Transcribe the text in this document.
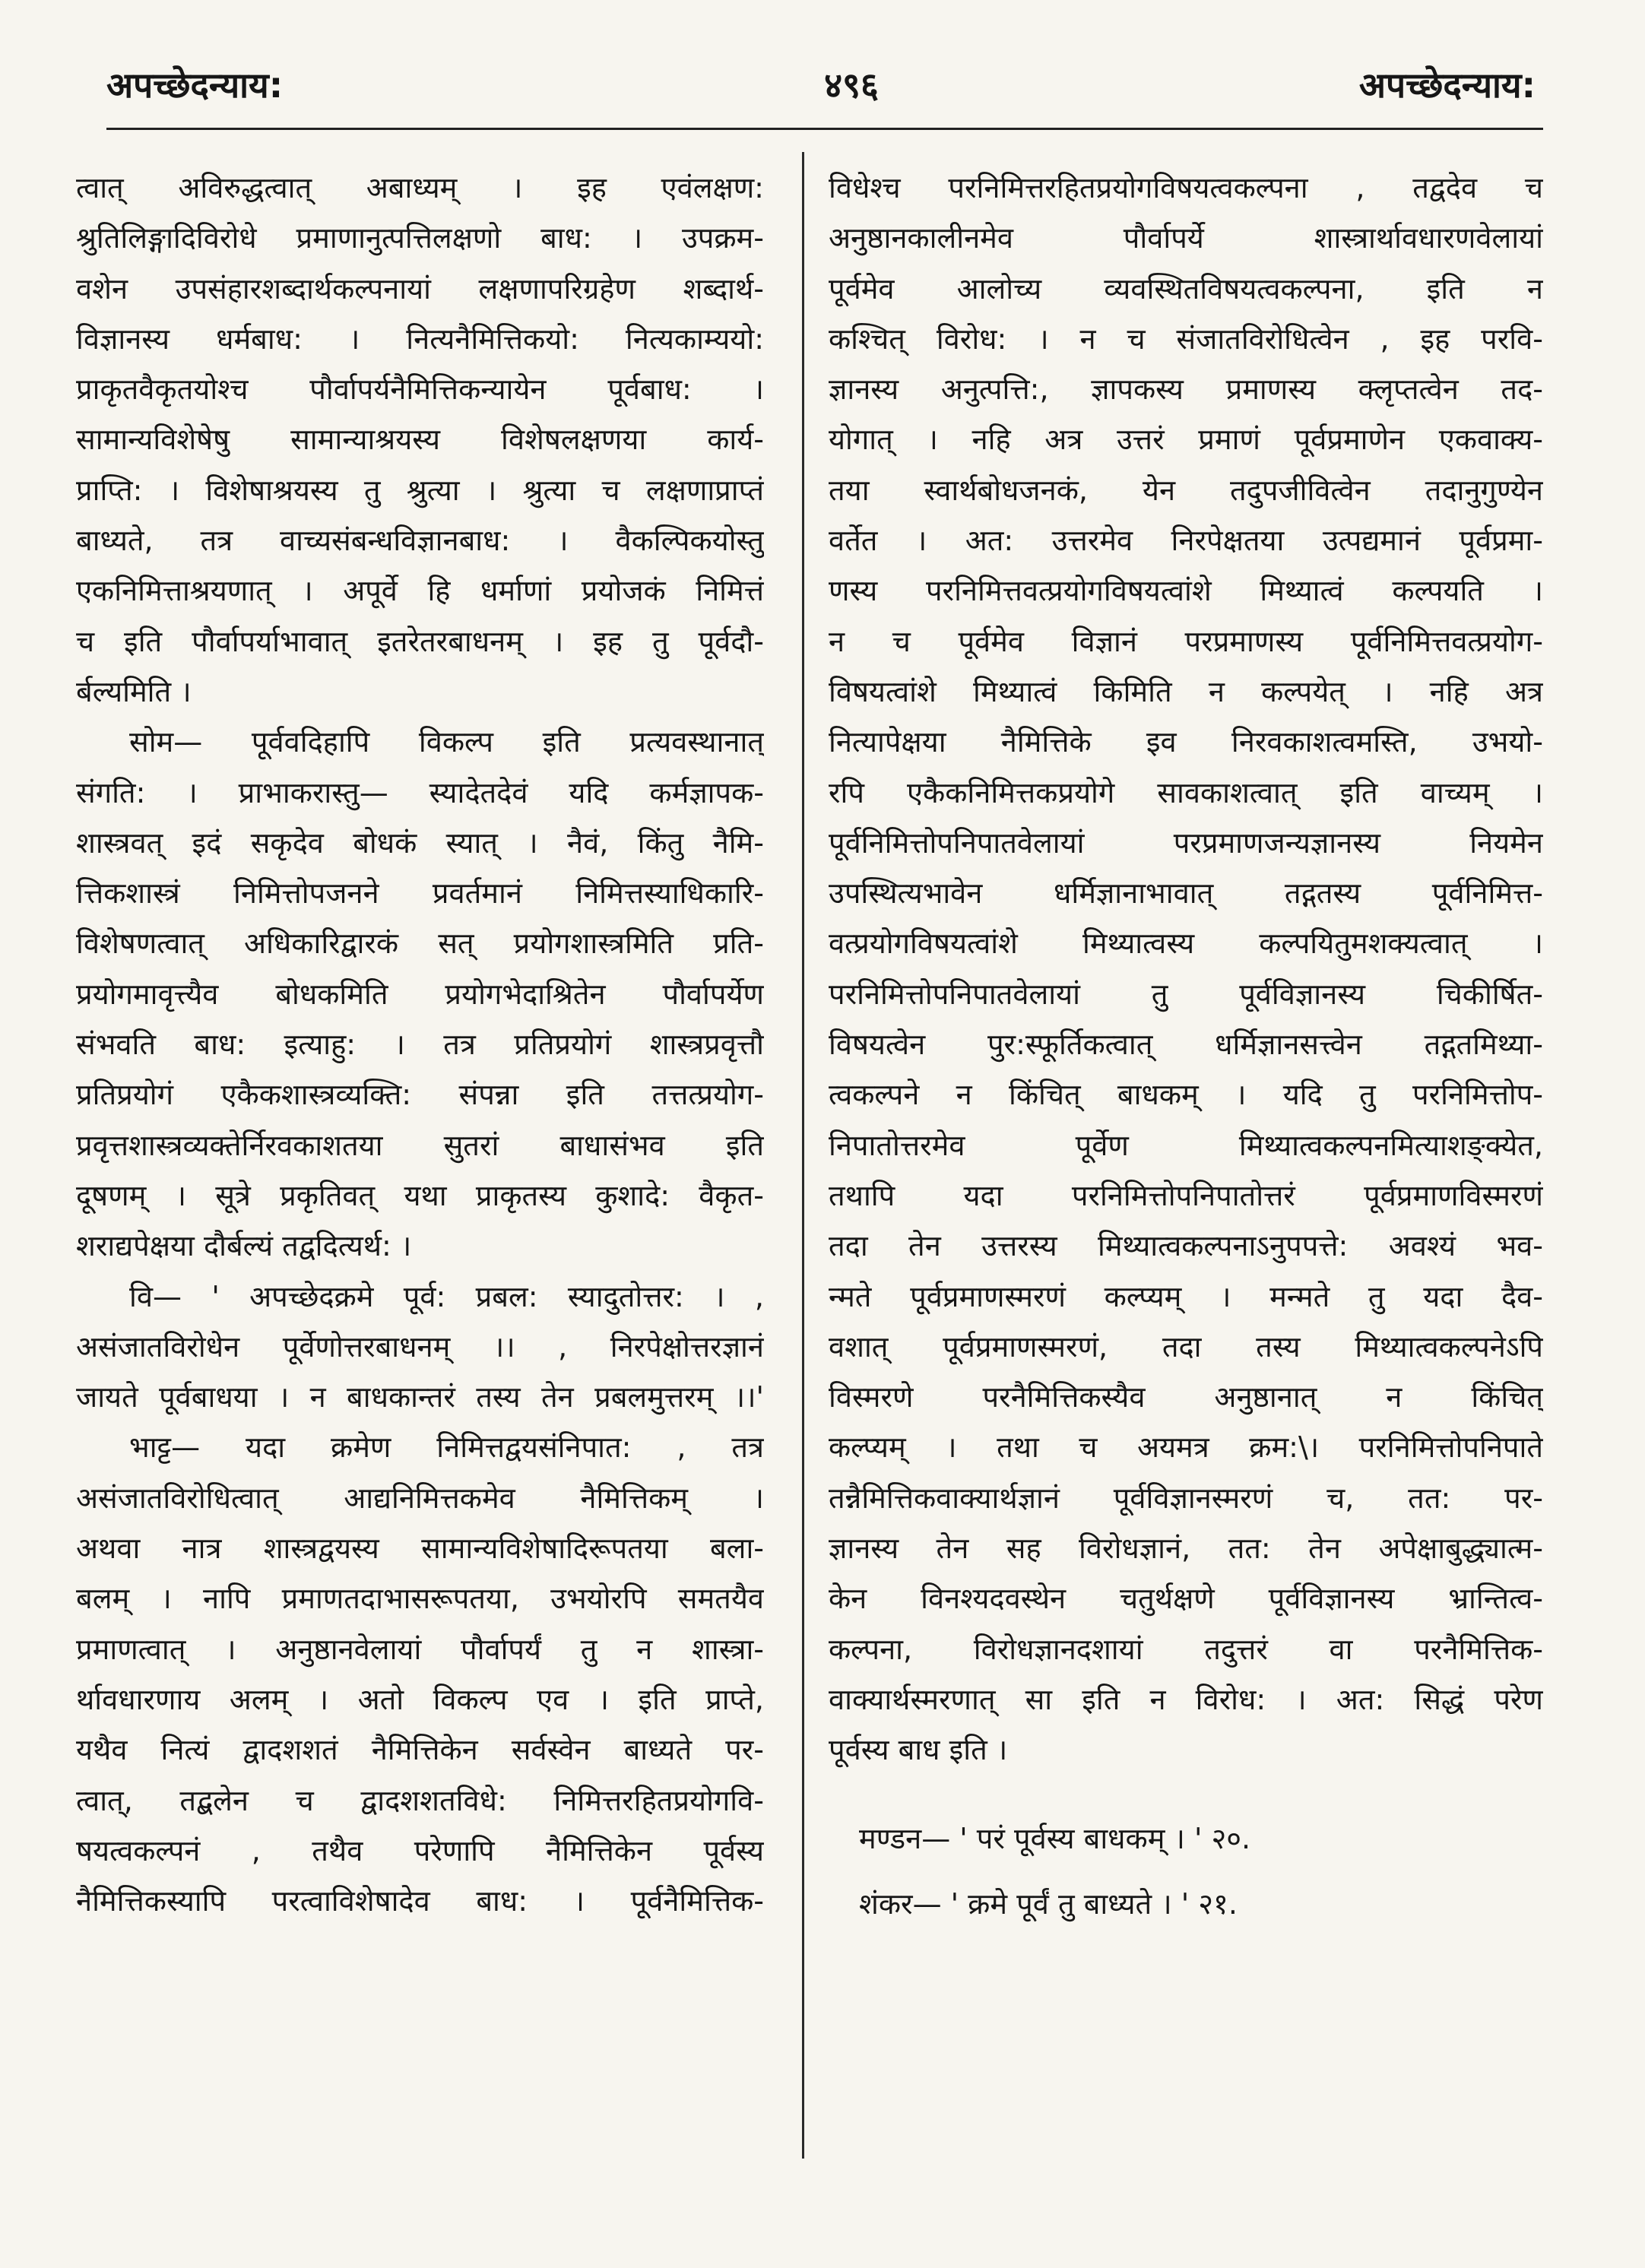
अपच्छेदन्याय:	४९६	अपच्छेदन्याय:
त्वात् अविरुद्धत्वात् अबाध्यम् । इह एवंलक्षण:
श्रुतिलिङ्गादिविरोधे प्रमाणानुत्पत्तिलक्षणो बाध: । उपक्रम-
वशेन उपसंहारशब्दार्थकल्पनायां लक्षणापरिग्रहेण शब्दार्थ-
विज्ञानस्य धर्मबाध: । नित्यनैमित्तिकयो: नित्यकाम्ययो:
प्राकृतवैकृतयोश्च पौर्वापर्यनैमित्तिकन्यायेन पूर्वबाध: ।
सामान्यविशेषेषु सामान्याश्रयस्य विशेषलक्षणया कार्य-
प्राप्ति: । विशेषाश्रयस्य तु श्रुत्या । श्रुत्या च लक्षणाप्राप्तं
बाध्यते, तत्र वाच्यसंबन्धविज्ञानबाध: । वैकल्पिकयोस्तु
एकनिमित्ताश्रयणात् । अपूर्वे हि धर्माणां प्रयोजकं निमित्तं
च इति पौर्वापर्याभावात् इतरेतरबाधनम् । इह तु पूर्वदौ-
र्बल्यमिति ।
सोम— पूर्ववदिहापि विकल्प इति प्रत्यवस्थानात्
संगति: । प्राभाकरास्तु— स्यादेतदेवं यदि कर्मज्ञापक-
शास्त्रवत् इदं सकृदेव बोधकं स्यात् । नैवं, किंतु नैमि-
त्तिकशास्त्रं निमित्तोपजनने प्रवर्तमानं निमित्तस्याधिकारि-
विशेषणत्वात् अधिकारिद्वारकं सत् प्रयोगशास्त्रमिति प्रति-
प्रयोगमावृत्त्यैव बोधकमिति प्रयोगभेदाश्रितेन पौर्वापर्येण
संभवति बाध: इत्याहु: । तत्र प्रतिप्रयोगं शास्त्रप्रवृत्तौ
प्रतिप्रयोगं एकैकशास्त्रव्यक्ति: संपन्ना इति तत्तत्प्रयोग-
प्रवृत्तशास्त्रव्यक्तेर्निरवकाशतया सुतरां बाधासंभव इति
दूषणम् । सूत्रे प्रकृतिवत् यथा प्राकृतस्य कुशादे: वैकृत-
शराद्यपेक्षया दौर्बल्यं तद्वदित्यर्थ: ।
वि— ' अपच्छेदक्रमे पूर्व: प्रबल: स्यादुतोत्तर: । ,
असंजातविरोधेन पूर्वेणोत्तरबाधनम् ।। , निरपेक्षोत्तरज्ञानं
जायते पूर्वबाधया । न बाधकान्तरं तस्य तेन प्रबलमुत्तरम् ।।'
भाट्ट— यदा क्रमेण निमित्तद्वयसंनिपात: , तत्र
असंजातविरोधित्वात् आद्यनिमित्तकमेव नैमित्तिकम् ।
अथवा नात्र शास्त्रद्वयस्य सामान्यविशेषादिरूपतया बला-
बलम् । नापि प्रमाणतदाभासरूपतया, उभयोरपि समतयैव
प्रमाणत्वात् । अनुष्ठानवेलायां पौर्वापर्यं तु न शास्त्रा-
र्थावधारणाय अलम् । अतो विकल्प एव । इति प्राप्ते,
यथैव नित्यं द्वादशशतं नैमित्तिकेन सर्वस्वेन बाध्यते पर-
त्वात्, तद्बलेन च द्वादशशतविधे: निमित्तरहितप्रयोगवि-
षयत्वकल्पनं , तथैव परेणापि नैमित्तिकेन पूर्वस्य
नैमित्तिकस्यापि परत्वाविशेषादेव बाध: । पूर्वनैमित्तिक-
विधेश्च परनिमित्तरहितप्रयोगविषयत्वकल्पना , तद्वदेव च
अनुष्ठानकालीनमेव पौर्वापर्ये शास्त्रार्थावधारणवेलायां
पूर्वमेव आलोच्य व्यवस्थितविषयत्वकल्पना, इति न
कश्चित् विरोध: । न च संजातविरोधित्वेन , इह परवि-
ज्ञानस्य अनुत्पत्ति:, ज्ञापकस्य प्रमाणस्य क्लृप्तत्वेन तद-
योगात् । नहि अत्र उत्तरं प्रमाणं पूर्वप्रमाणेन एकवाक्य-
तया स्वार्थबोधजनकं, येन तदुपजीवित्वेन तदानुगुण्येन
वर्तेत । अत: उत्तरमेव निरपेक्षतया उत्पद्यमानं पूर्वप्रमा-
णस्य परनिमित्तवत्प्रयोगविषयत्वांशे मिथ्यात्वं कल्पयति ।
न च पूर्वमेव विज्ञानं परप्रमाणस्य पूर्वनिमित्तवत्प्रयोग-
विषयत्वांशे मिथ्यात्वं किमिति न कल्पयेत् । नहि अत्र
नित्यापेक्षया नैमित्तिके इव निरवकाशत्वमस्ति, उभयो-
रपि एकैकनिमित्तकप्रयोगे सावकाशत्वात् इति वाच्यम् ।
पूर्वनिमित्तोपनिपातवेलायां परप्रमाणजन्यज्ञानस्य नियमेन
उपस्थित्यभावेन धर्मिज्ञानाभावात् तद्गतस्य पूर्वनिमित्त-
वत्प्रयोगविषयत्वांशे मिथ्यात्वस्य कल्पयितुमशक्यत्वात् ।
परनिमित्तोपनिपातवेलायां तु पूर्वविज्ञानस्य चिकीर्षित-
विषयत्वेन पुर:स्फूर्तिकत्वात् धर्मिज्ञानसत्त्वेन तद्गतमिथ्या-
त्वकल्पने न किंचित् बाधकम् । यदि तु परनिमित्तोप-
निपातोत्तरमेव पूर्वेण मिथ्यात्वकल्पनमित्याशङ्क्येत,
तथापि यदा परनिमित्तोपनिपातोत्तरं पूर्वप्रमाणविस्मरणं
तदा तेन उत्तरस्य मिथ्यात्वकल्पनाऽनुपपत्ते: अवश्यं भव-
न्मते पूर्वप्रमाणस्मरणं कल्प्यम् । मन्मते तु यदा दैव-
वशात् पूर्वप्रमाणस्मरणं, तदा तस्य मिथ्यात्वकल्पनेऽपि
विस्मरणे परनैमित्तिकस्यैव अनुष्ठानात् न किंचित्
कल्प्यम् । तथा च अयमत्र क्रम:\। परनिमित्तोपनिपाते
तन्नैमित्तिकवाक्यार्थज्ञानं पूर्वविज्ञानस्मरणं च, तत: पर-
ज्ञानस्य तेन सह विरोधज्ञानं, तत: तेन अपेक्षाबुद्ध्यात्म-
केन विनश्यदवस्थेन चतुर्थक्षणे पूर्वविज्ञानस्य भ्रान्तित्व-
कल्पना, विरोधज्ञानदशायां तदुत्तरं वा परनैमित्तिक-
वाक्यार्थस्मरणात् सा इति न विरोध: । अत: सिद्धं परेण
पूर्वस्य बाध इति ।
मण्डन— ' परं पूर्वस्य बाधकम् । ' २०.
शंकर— ' क्रमे पूर्वं तु बाध्यते । ' २१.
